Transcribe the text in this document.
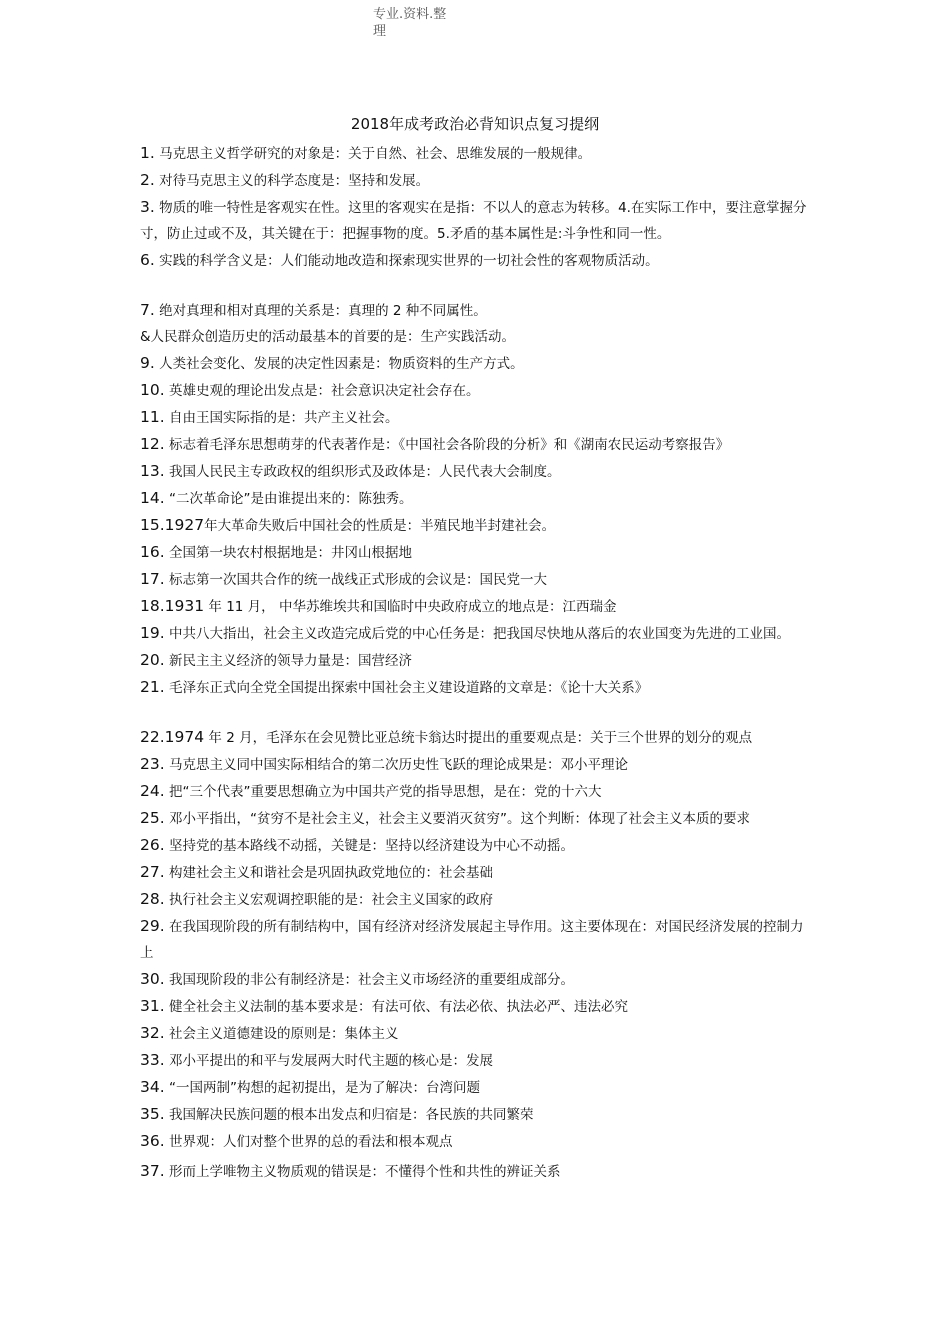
专业.资料.整
理
2018年成考政治必背知识点复习提纲

1. 马克思主义哲学研究的对象是：关于自然、社会、思维发展的一般规律。

2. 对待马克思主义的科学态度是：坚持和发展。

3. 物质的唯一特性是客观实在性。这里的客观实在是指：不以人的意志为转移。4.在实际工作中，要注意掌握分寸，防止过或不及，其关键在于：把握事物的度。5.矛盾的基本属性是:斗争性和同一性。

6. 实践的科学含义是：人们能动地改造和探索现实世界的一切社会性的客观物质活动。

7. 绝对真理和相对真理的关系是：真理的 2 种不同属性。

&人民群众创造历史的活动最基本的首要的是：生产实践活动。

9. 人类社会变化、发展的决定性因素是：物质资料的生产方式。

10. 英雄史观的理论出发点是：社会意识决定社会存在。

11. 自由王国实际指的是：共产主义社会。

12. 标志着毛泽东思想萌芽的代表著作是：《中国社会各阶段的分析》和《湖南农民运动考察报告》

13. 我国人民民主专政政权的组织形式及政体是：人民代表大会制度。

14. “二次革命论”是由谁提出来的：陈独秀。

15.1927年大革命失败后中国社会的性质是：半殖民地半封建社会。

16. 全国第一块农村根据地是：井冈山根据地

17. 标志第一次国共合作的统一战线正式形成的会议是：国民党一大

18.1931 年 11 月， 中华苏维埃共和国临时中央政府成立的地点是：江西瑞金

19. 中共八大指出，社会主义改造完成后党的中心任务是：把我国尽快地从落后的农业国变为先进的工业国。

20. 新民主主义经济的领导力量是：国营经济

21. 毛泽东正式向全党全国提出探索中国社会主义建设道路的文章是：《论十大关系》

22.1974 年 2 月，毛泽东在会见赞比亚总统卡翁达时提出的重要观点是：关于三个世界的划分的观点

23. 马克思主义同中国实际相结合的第二次历史性飞跃的理论成果是：邓小平理论

24. 把“三个代表”重要思想确立为中国共产党的指导思想，是在：党的十六大

25. 邓小平指出，“贫穷不是社会主义，社会主义要消灭贫穷”。这个判断：体现了社会主义本质的要求

26. 坚持党的基本路线不动摇，关键是：坚持以经济建设为中心不动摇。

27. 构建社会主义和谐社会是巩固执政党地位的：社会基础

28. 执行社会主义宏观调控职能的是：社会主义国家的政府

29. 在我国现阶段的所有制结构中，国有经济对经济发展起主导作用。这主要体现在：对国民经济发展的控制力上

30. 我国现阶段的非公有制经济是：社会主义市场经济的重要组成部分。

31. 健全社会主义法制的基本要求是：有法可依、有法必依、执法必严、违法必究

32. 社会主义道德建设的原则是：集体主义

33. 邓小平提出的和平与发展两大时代主题的核心是：发展

34. “一国两制”构想的起初提出，是为了解决：台湾问题

35. 我国解决民族问题的根本出发点和归宿是：各民族的共同繁荣

36. 世界观：人们对整个世界的总的看法和根本观点

37. 形而上学唯物主义物质观的错误是：不懂得个性和共性的辨证关系
